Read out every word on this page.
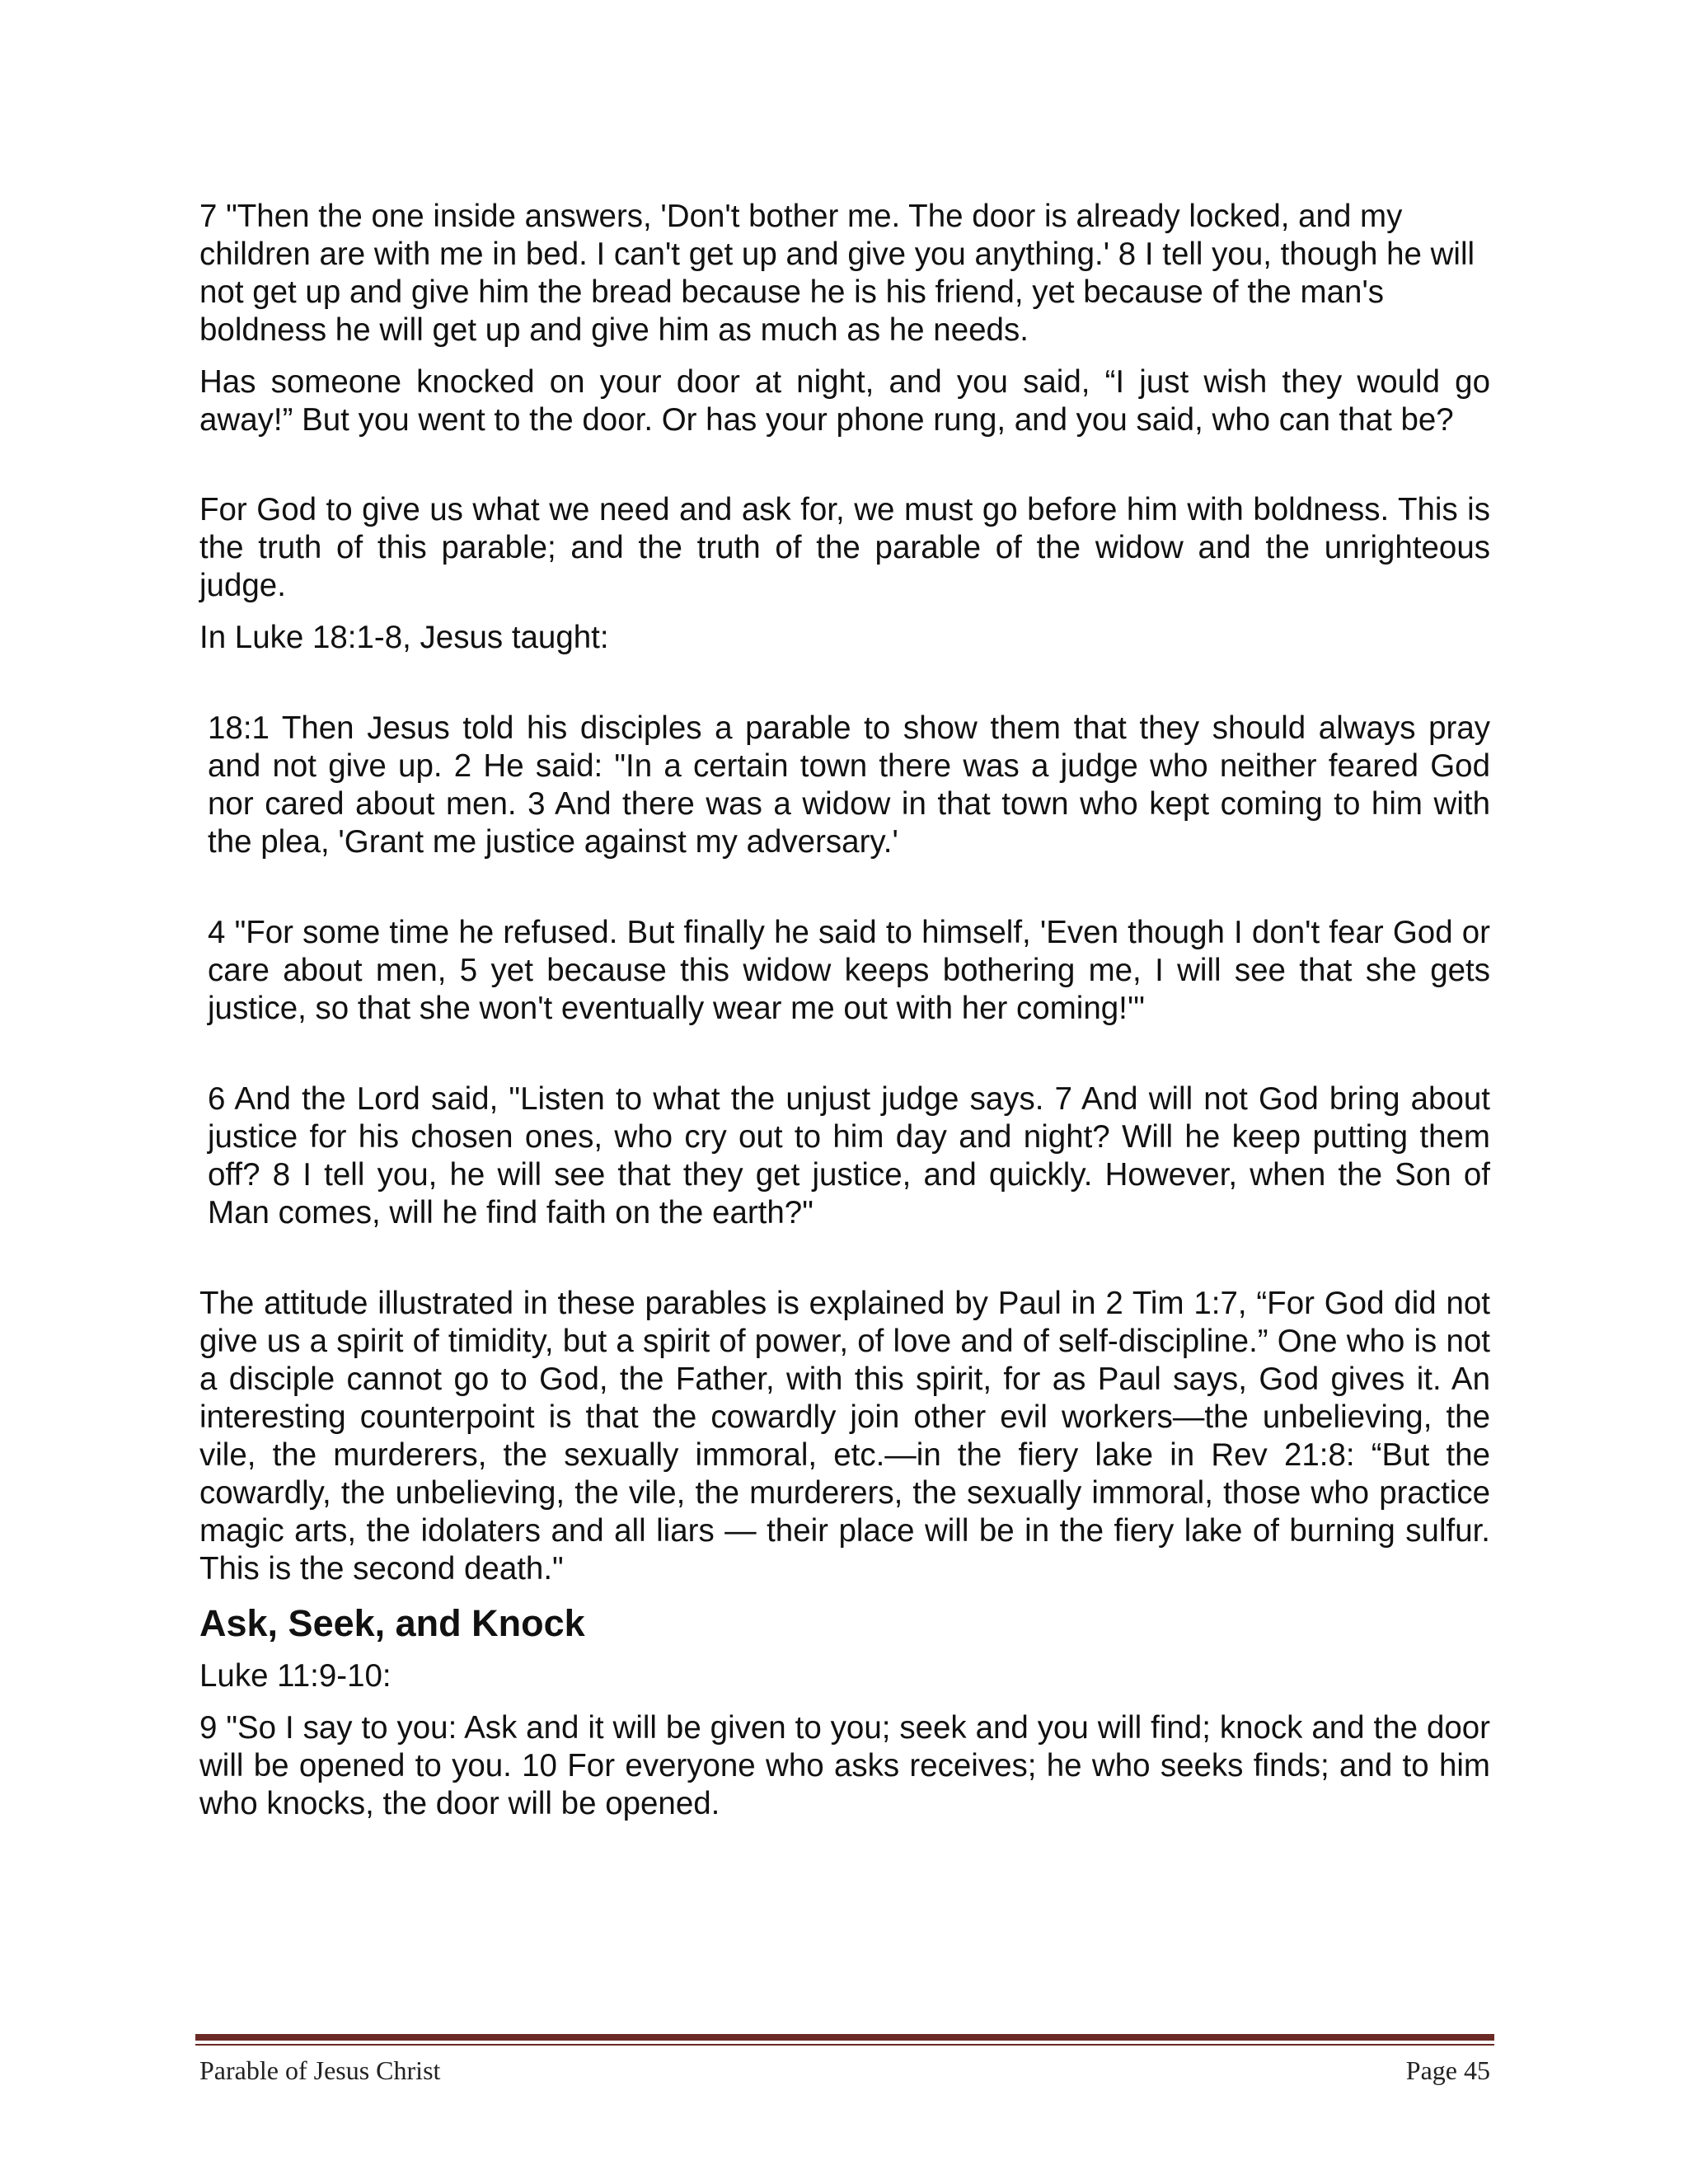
7 "Then the one inside answers, 'Don't bother me. The door is already locked, and my children are with me in bed. I can't get up and give you anything.' 8 I tell you, though he will not get up and give him the bread because he is his friend, yet because of the man's boldness he will get up and give him as much as he needs.

Has someone knocked on your door at night, and you said, “I just wish they would go away!” But you went to the door. Or has your phone rung, and you said, who can that be?

For God to give us what we need and ask for, we must go before him with boldness. This is the truth of this parable; and the truth of the parable of the widow and the unrighteous judge.

In Luke 18:1-8, Jesus taught:

18:1 Then Jesus told his disciples a parable to show them that they should always pray and not give up. 2 He said: "In a certain town there was a judge who neither feared God nor cared about men. 3 And there was a widow in that town who kept coming to him with the plea, 'Grant me justice against my adversary.'

4 "For some time he refused. But finally he said to himself, 'Even though I don't fear God or care about men, 5 yet because this widow keeps bothering me, I will see that she gets justice, so that she won't eventually wear me out with her coming!'"

6 And the Lord said, "Listen to what the unjust judge says. 7 And will not God bring about justice for his chosen ones, who cry out to him day and night? Will he keep putting them off? 8 I tell you, he will see that they get justice, and quickly. However, when the Son of Man comes, will he find faith on the earth?"

The attitude illustrated in these parables is explained by Paul in 2 Tim 1:7, “For God did not give us a spirit of timidity, but a spirit of power, of love and of self-discipline.” One who is not a disciple cannot go to God, the Father, with this spirit, for as Paul says, God gives it. An interesting counterpoint is that the cowardly join other evil workers—the unbelieving, the vile, the murderers, the sexually immoral, etc.—in the fiery lake in Rev 21:8: “But the cowardly, the unbelieving, the vile, the murderers, the sexually immoral, those who practice magic arts, the idolaters and all liars — their place will be in the fiery lake of burning sulfur. This is the second death."

Ask, Seek, and Knock

Luke 11:9-10:

9 "So I say to you: Ask and it will be given to you; seek and you will find; knock and the door will be opened to you. 10 For everyone who asks receives; he who seeks finds; and to him who knocks, the door will be opened.

Parable of Jesus Christ	Page 45
